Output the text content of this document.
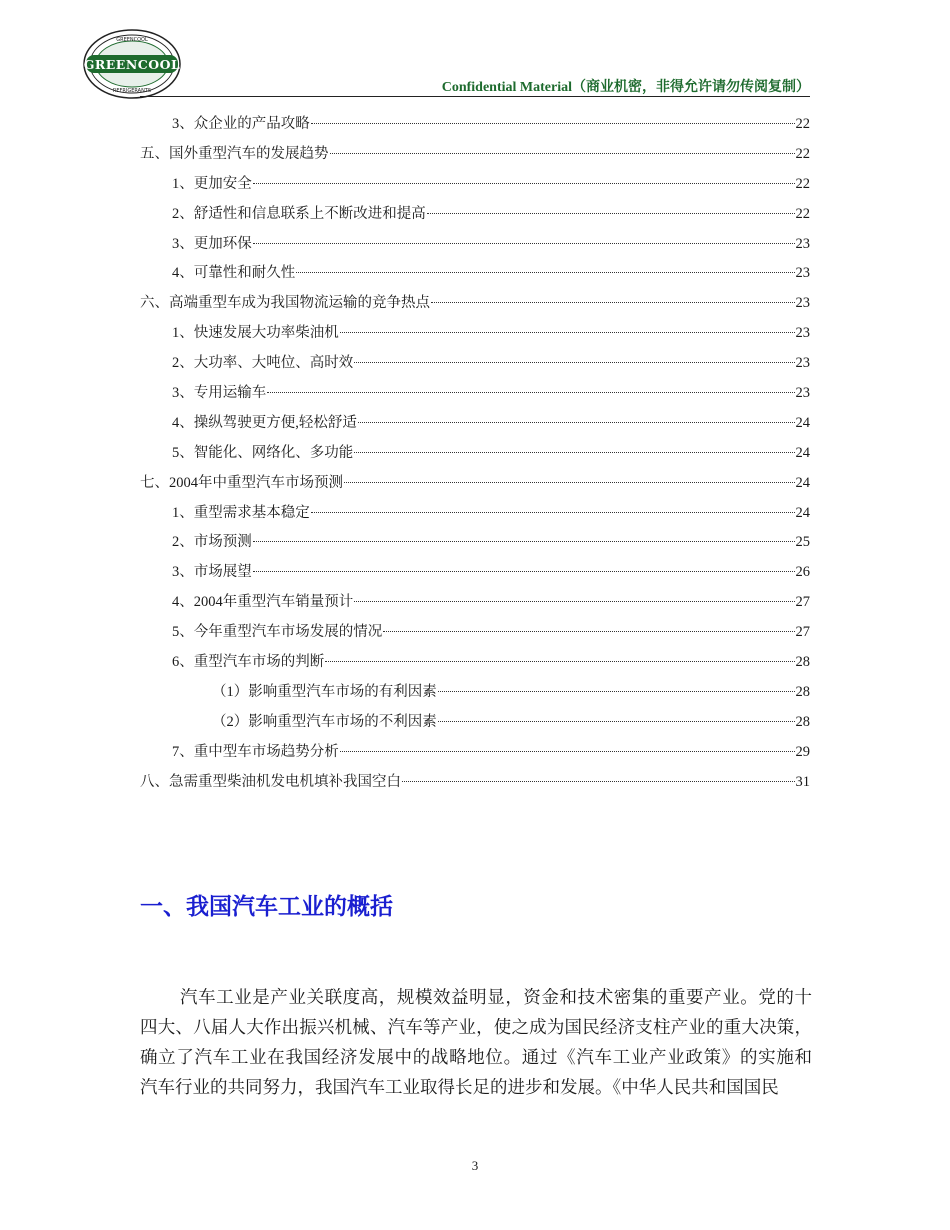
GREENCOOL
GREENCOOL
REFRIGERANTS	Confidential Material（商业机密，非得允许请勿传阅复制）
3、众企业的产品攻略	22
五、国外重型汽车的发展趋势	22
1、更加安全	22
2、舒适性和信息联系上不断改进和提高	22
3、更加环保	23
4、可靠性和耐久性	23
六、高端重型车成为我国物流运输的竞争热点	23
1、快速发展大功率柴油机	23
2、大功率、大吨位、高时效	23
3、专用运输车	23
4、操纵驾驶更方便,轻松舒适	24
5、智能化、网络化、多功能	24
七、2004年中重型汽车市场预测	24
1、重型需求基本稳定	24
2、市场预测	25
3、市场展望	26
4、2004年重型汽车销量预计	27
5、今年重型汽车市场发展的情况	27
6、重型汽车市场的判断	28
（1）影响重型汽车市场的有利因素	28
（2）影响重型汽车市场的不利因素	28
7、重中型车市场趋势分析	29
八、急需重型柴油机发电机填补我国空白	31
一、我国汽车工业的概括
汽车工业是产业关联度高，规模效益明显，资金和技术密集的重要产业。党的十
四大、八届人大作出振兴机械、汽车等产业，使之成为国民经济支柱产业的重大决策，
确立了汽车工业在我国经济发展中的战略地位。通过《汽车工业产业政策》的实施和
汽车行业的共同努力，我国汽车工业取得长足的进步和发展。《中华人民共和国国民
3
